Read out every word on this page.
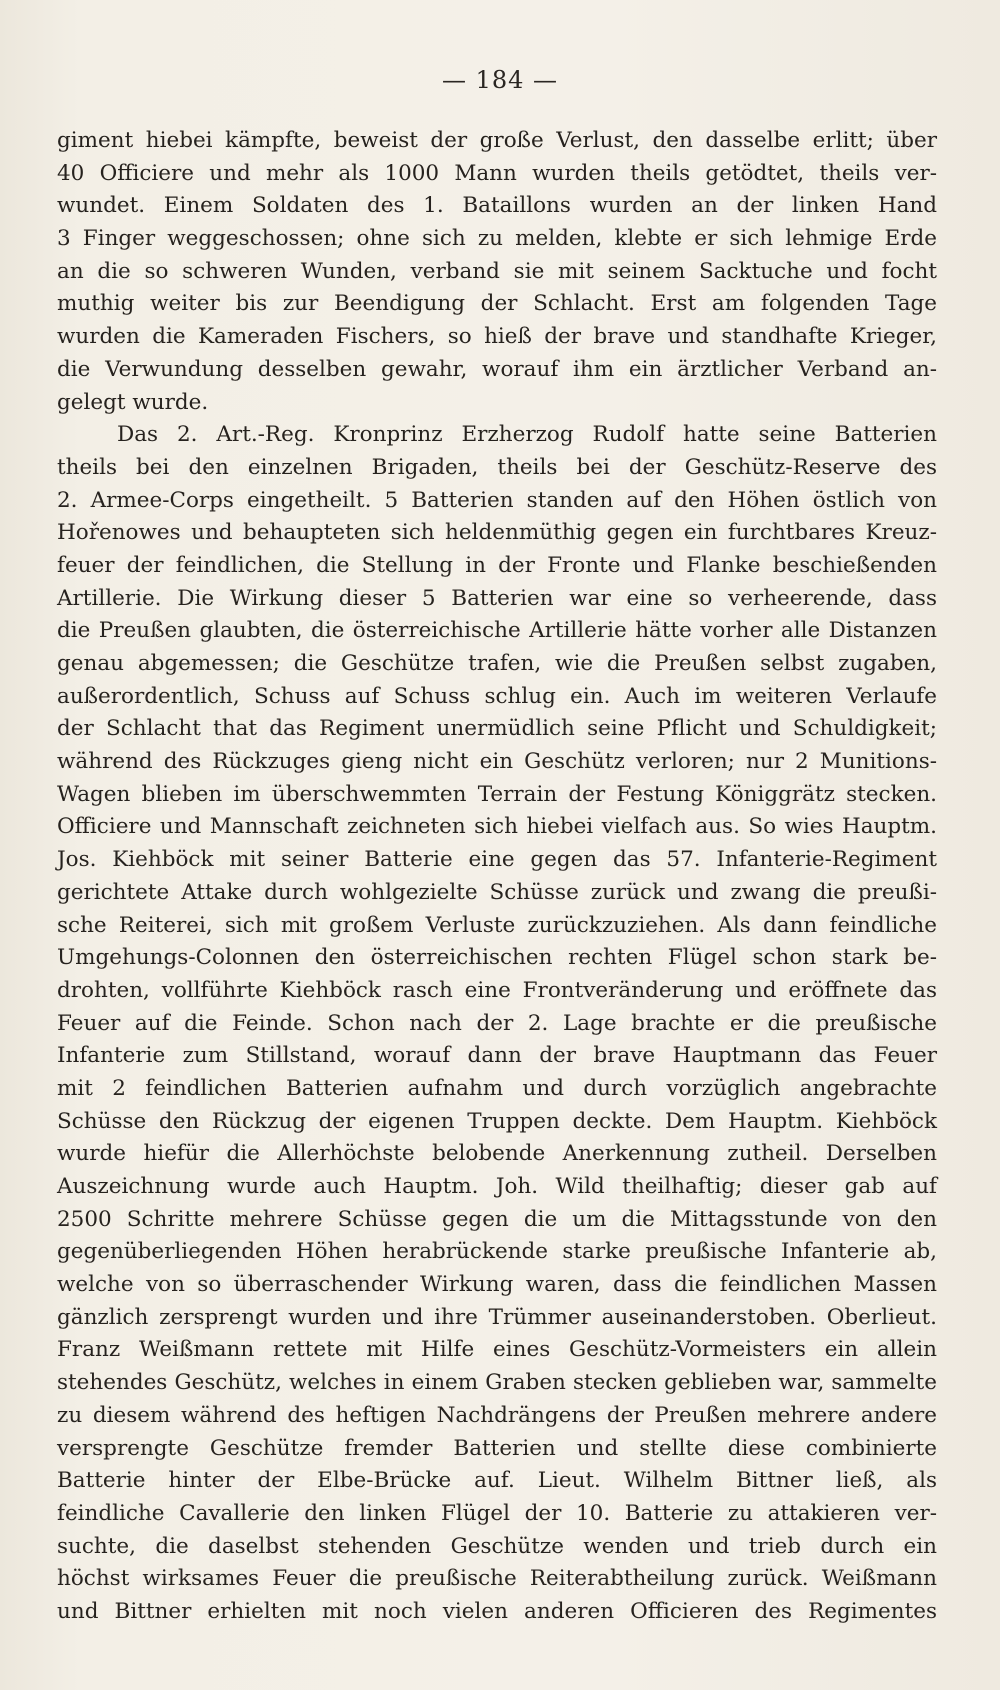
— 184 —
giment hiebei kämpfte, beweist der große Verlust, den dasselbe erlitt; über
40 Officiere und mehr als 1000 Mann wurden theils getödtet, theils ver-
wundet. Einem Soldaten des 1. Bataillons wurden an der linken Hand
3 Finger weggeschossen; ohne sich zu melden, klebte er sich lehmige Erde
an die so schweren Wunden, verband sie mit seinem Sacktuche und focht
muthig weiter bis zur Beendigung der Schlacht. Erst am folgenden Tage
wurden die Kameraden Fischers, so hieß der brave und standhafte Krieger,
die Verwundung desselben gewahr, worauf ihm ein ärztlicher Verband an-
gelegt wurde.
Das 2. Art.-Reg. Kronprinz Erzherzog Rudolf hatte seine Batterien
theils bei den einzelnen Brigaden, theils bei der Geschütz-Reserve des
2. Armee-Corps eingetheilt. 5 Batterien standen auf den Höhen östlich von
Hořenowes und behaupteten sich heldenmüthig gegen ein furchtbares Kreuz-
feuer der feindlichen, die Stellung in der Fronte und Flanke beschießenden
Artillerie. Die Wirkung dieser 5 Batterien war eine so verheerende, dass
die Preußen glaubten, die österreichische Artillerie hätte vorher alle Distanzen
genau abgemessen; die Geschütze trafen, wie die Preußen selbst zugaben,
außerordentlich, Schuss auf Schuss schlug ein. Auch im weiteren Verlaufe
der Schlacht that das Regiment unermüdlich seine Pflicht und Schuldigkeit;
während des Rückzuges gieng nicht ein Geschütz verloren; nur 2 Munitions-
Wagen blieben im überschwemmten Terrain der Festung Königgrätz stecken.
Officiere und Mannschaft zeichneten sich hiebei vielfach aus. So wies Hauptm.
Jos. Kiehböck mit seiner Batterie eine gegen das 57. Infanterie-Regiment
gerichtete Attake durch wohlgezielte Schüsse zurück und zwang die preußi-
sche Reiterei, sich mit großem Verluste zurückzuziehen. Als dann feindliche
Umgehungs-Colonnen den österreichischen rechten Flügel schon stark be-
drohten, vollführte Kiehböck rasch eine Frontveränderung und eröffnete das
Feuer auf die Feinde. Schon nach der 2. Lage brachte er die preußische
Infanterie zum Stillstand, worauf dann der brave Hauptmann das Feuer
mit 2 feindlichen Batterien aufnahm und durch vorzüglich angebrachte
Schüsse den Rückzug der eigenen Truppen deckte. Dem Hauptm. Kiehböck
wurde hiefür die Allerhöchste belobende Anerkennung zutheil. Derselben
Auszeichnung wurde auch Hauptm. Joh. Wild theilhaftig; dieser gab auf
2500 Schritte mehrere Schüsse gegen die um die Mittagsstunde von den
gegenüberliegenden Höhen herabrückende starke preußische Infanterie ab,
welche von so überraschender Wirkung waren, dass die feindlichen Massen
gänzlich zersprengt wurden und ihre Trümmer auseinanderstoben. Oberlieut.
Franz Weißmann rettete mit Hilfe eines Geschütz-Vormeisters ein allein
stehendes Geschütz, welches in einem Graben stecken geblieben war, sammelte
zu diesem während des heftigen Nachdrängens der Preußen mehrere andere
versprengte Geschütze fremder Batterien und stellte diese combinierte
Batterie hinter der Elbe-Brücke auf. Lieut. Wilhelm Bittner ließ, als
feindliche Cavallerie den linken Flügel der 10. Batterie zu attakieren ver-
suchte, die daselbst stehenden Geschütze wenden und trieb durch ein
höchst wirksames Feuer die preußische Reiterabtheilung zurück. Weißmann
und Bittner erhielten mit noch vielen anderen Officieren des Regimentes
